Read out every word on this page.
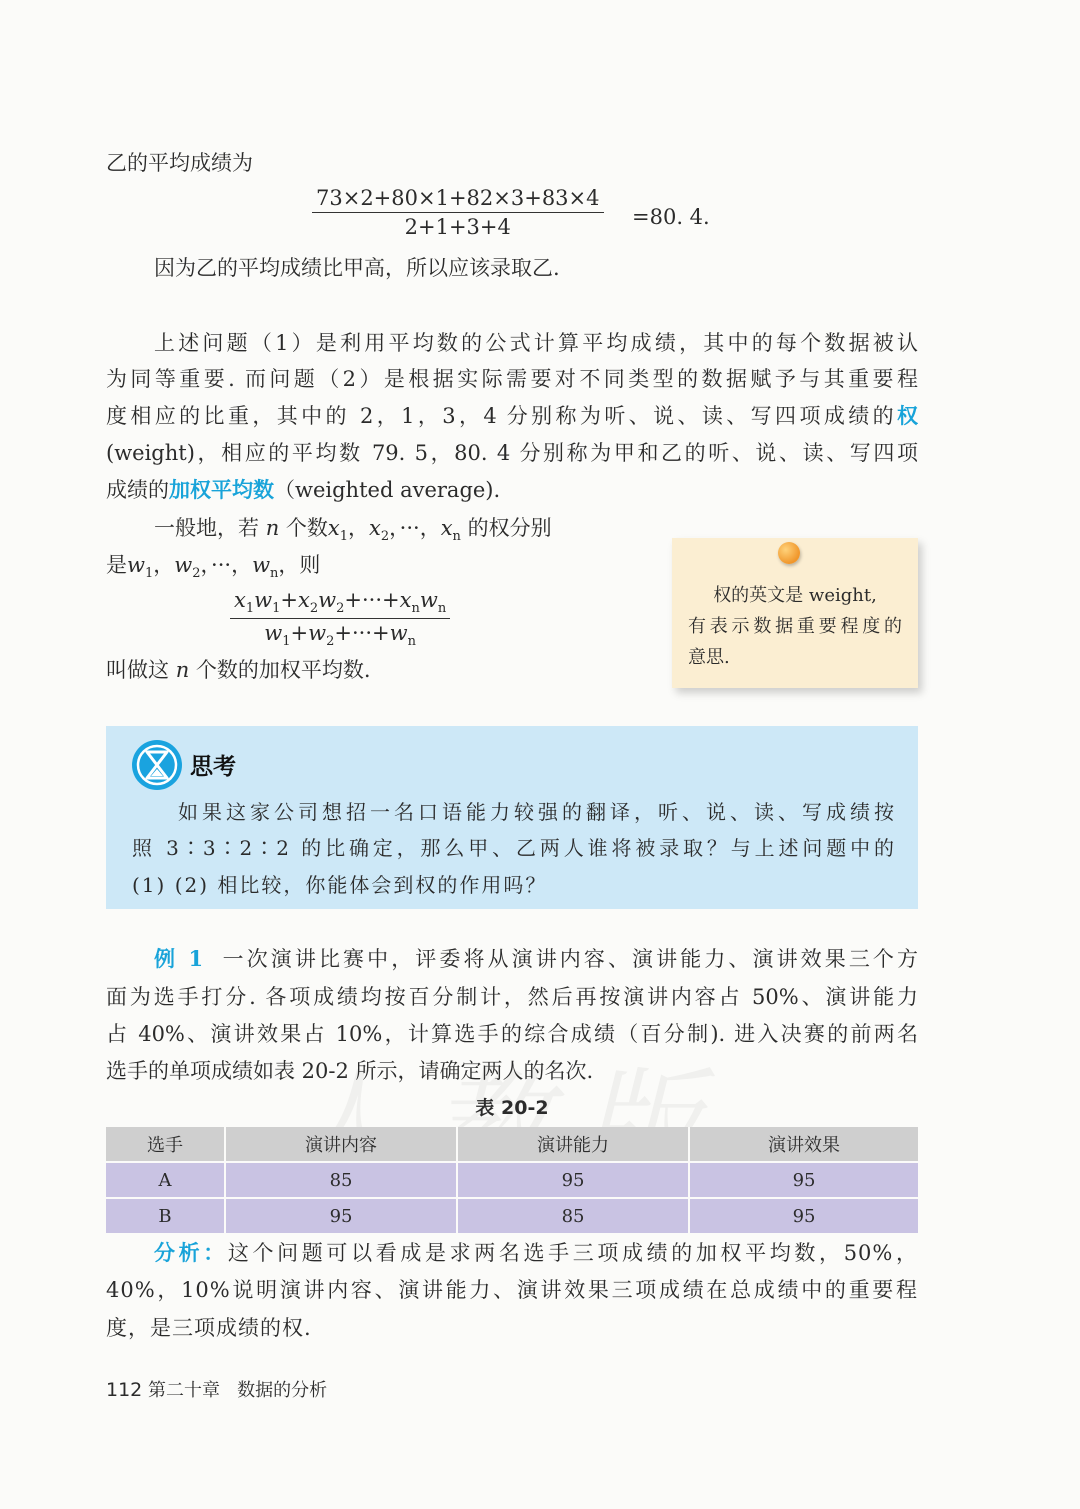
乙的平均成绩为
$\frac{73\times 2+80\times 1+82\times 3+83\times 4}{2+1+3+4} =80$. 4.
因为乙的平均成绩比甲高，所以应该录取乙.
上述问题（1）是利用平均数的公式计算平均成绩，其中的每个数据被认
为同等重要. 而问题（2）是根据实际需要对不同类型的数据赋予与其重要程
度相应的比重，其中的 2，1，3，4 分别称为听、说、读、写四项成绩的权
(weight)，相应的平均数 79. 5，80. 4 分别称为甲和乙的听、说、读、写四项
成绩的加权平均数（weighted average).
一般地，若 n 个数$x_1$，$x_2$，···，$x_n$ 的权分别
是$w_1$，$w_2$，···，$w_n$，则
$x_1w_1+x_2w_2+\cdot\cdot\cdot+x_nw_n$
$w_1+w_2+\cdot\cdot\cdot+w_n$
叫做这 n 个数的加权平均数.
权的英文是 weight,
有表示数据重要程度的
意思.
思考
如果这家公司想招一名口语能力较强的翻译，听、说、读、写成绩按
照 3∶3∶2∶2 的比确定，那么甲、乙两人谁将被录取？与上述问题中的
(1) (2) 相比较，你能体会到权的作用吗？
例 1 一次演讲比赛中，评委将从演讲内容、演讲能力、演讲效果三个方
面为选手打分. 各项成绩均按百分制计，然后再按演讲内容占 50%、演讲能力
占 40%、演讲效果占 10%，计算选手的综合成绩（百分制). 进入决赛的前两名
选手的单项成绩如表 20-2 所示，请确定两人的名次.
表 20-2
选手	演讲内容	演讲能力	演讲效果
A	85	95	95
B	95	85	95
分析：这个问题可以看成是求两名选手三项成绩的加权平均数，50%，
40%，10%说明演讲内容、演讲能力、演讲效果三项成绩在总成绩中的重要程
度，是三项成绩的权.
112 第二十章 数据的分析
